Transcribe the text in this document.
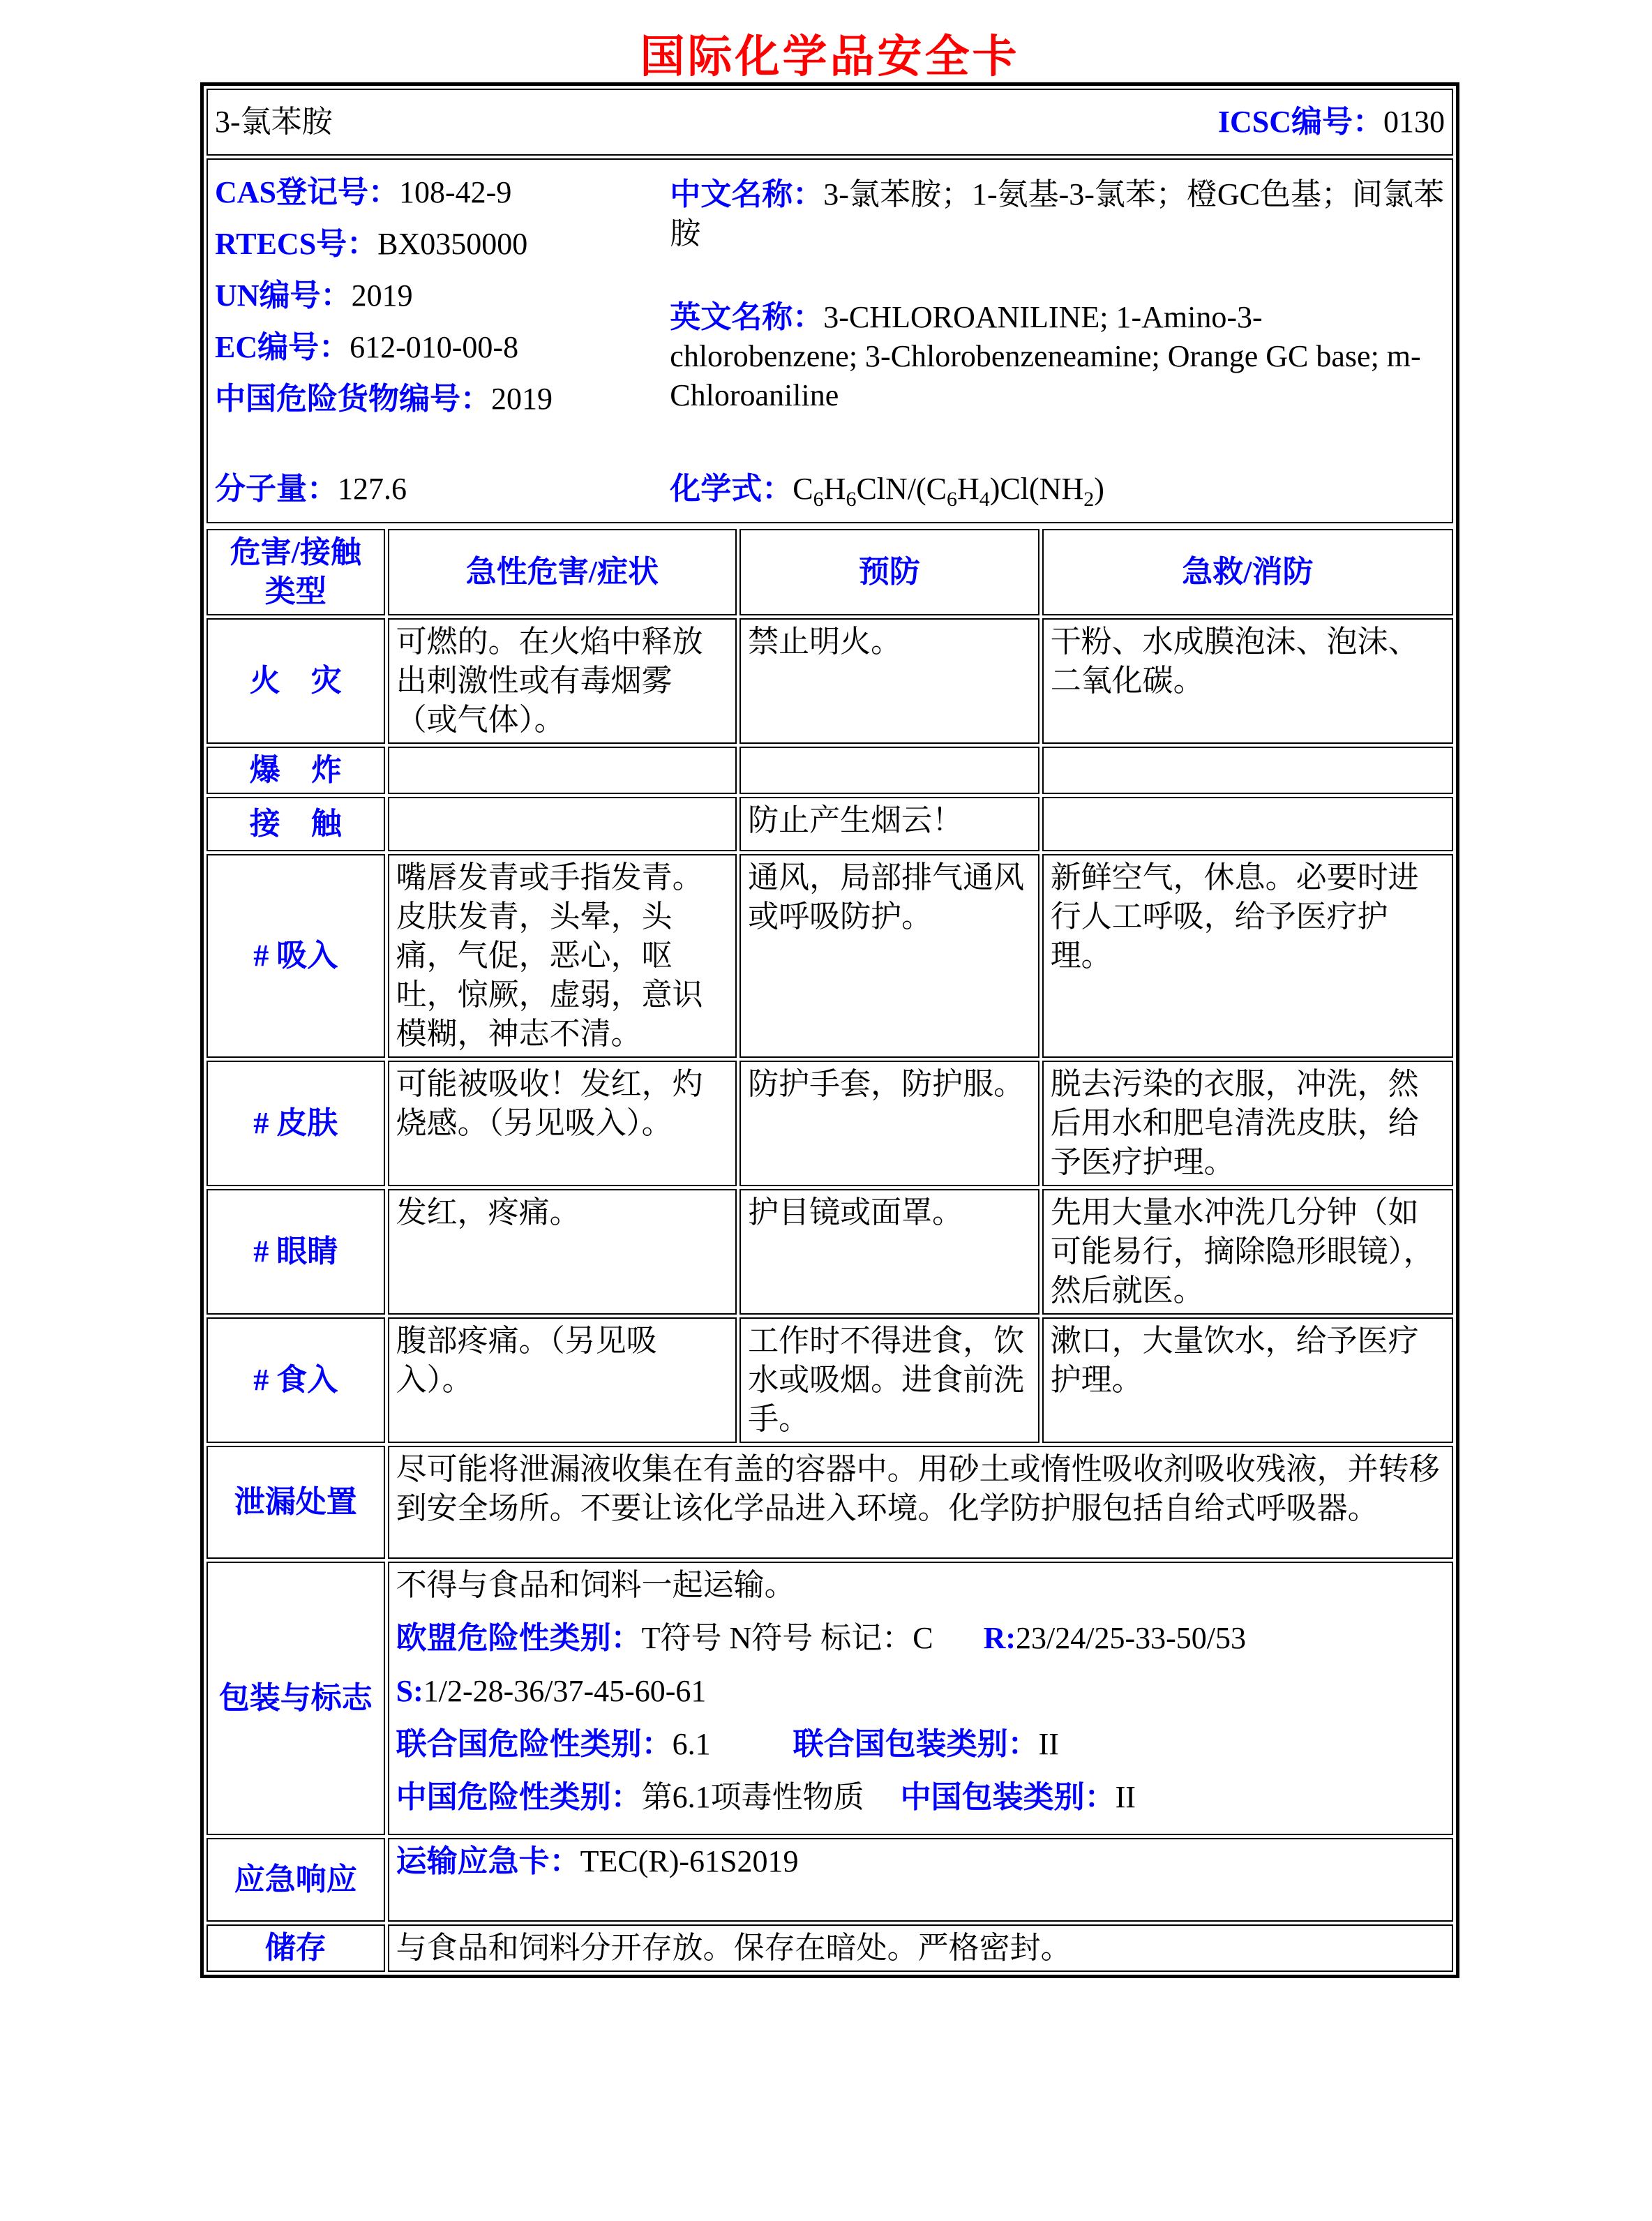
国际化学品安全卡
3-氯苯胺	ICSC编号：0130

CAS登记号：108-42-9

RTECS号：BX0350000

UN编号：2019

EC编号：612-010-00-8

中国危险货物编号：2019

中文名称：3-氯苯胺；1-氨基-3-氯苯；橙GC色基；间氯苯胺

英文名称：3-CHLOROANILINE; 1-Amino-3-chlorobenzene; 3-Chlorobenzeneamine; Orange GC base; m-Chloroaniline

分子量：127.6	化学式：$C_6H_6ClN/(C_6H_4)Cl(NH_2)$
危害/接触类型	急性危害/症状	预防	急救/消防
火　灾	可燃的。在火焰中释放出刺激性或有毒烟雾（或气体）。	禁止明火。	干粉、水成膜泡沫、泡沫、二氧化碳。
爆　炸			
接　触		防止产生烟云！	
# 吸入	嘴唇发青或手指发青。皮肤发青，头晕，头痛，气促，恶心，呕吐，惊厥，虚弱，意识模糊，神志不清。	通风，局部排气通风或呼吸防护。	新鲜空气，休息。必要时进行人工呼吸，给予医疗护理。
# 皮肤	可能被吸收！发红，灼烧感。（另见吸入）。	防护手套，防护服。	脱去污染的衣服，冲洗，然后用水和肥皂清洗皮肤，给予医疗护理。
# 眼睛	发红，疼痛。	护目镜或面罩。	先用大量水冲洗几分钟（如可能易行，摘除隐形眼镜），然后就医。
# 食入	腹部疼痛。（另见吸入）。	工作时不得进食，饮水或吸烟。进食前洗手。	漱口，大量饮水，给予医疗护理。
泄漏处置	尽可能将泄漏液收集在有盖的容器中。用砂土或惰性吸收剂吸收残液，并转移到安全场所。不要让该化学品进入环境。化学防护服包括自给式呼吸器。		
包装与标志	不得与食品和饲料一起运输。

欧盟危险性类别：T符号 N符号 标记：C R:23/24/25-33-50/53

S:1/2-28-36/37-45-60-61

联合国危险性类别：6.1 联合国包装类别：II

中国危险性类别：第6.1项毒性物质 中国包装类别：II		

应急响应	运输应急卡：TEC(R)-61S2019		
储存	与食品和饲料分开存放。保存在暗处。严格密封。		
